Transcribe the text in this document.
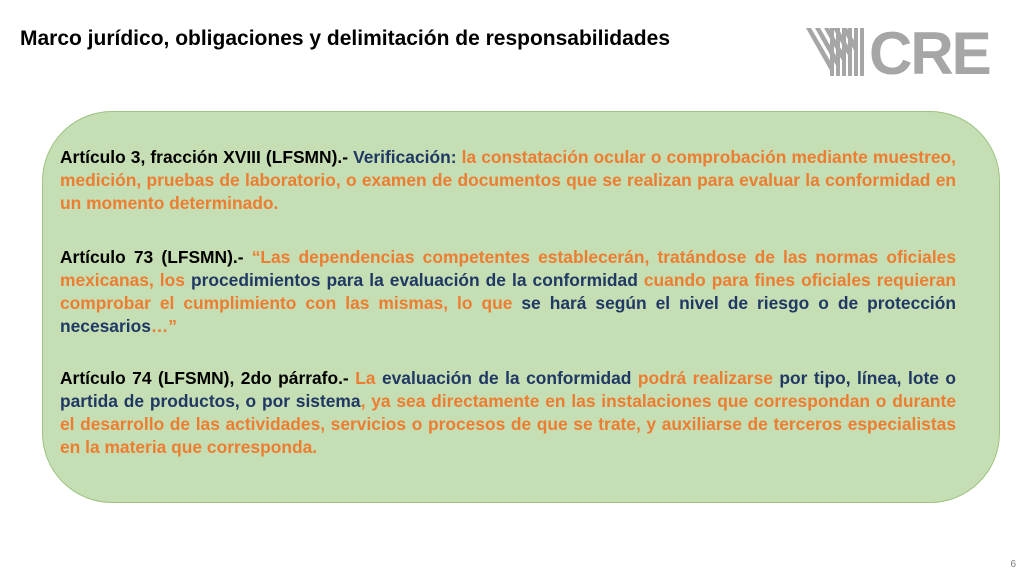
Marco jurídico, obligaciones y delimitación de responsabilidades	CRE
Artículo 3, fracción XVIII (LFSMN).- Verificación: la constatación ocular o comprobación mediante muestreo, medición, pruebas de laboratorio, o examen de documentos que se realizan para evaluar la conformidad en un momento determinado.
Artículo 73 (LFSMN).- “Las dependencias competentes establecerán, tratándose de las normas oficiales mexicanas, los procedimientos para la evaluación de la conformidad cuando para fines oficiales requieran comprobar el cumplimiento con las mismas, lo que se hará según el nivel de riesgo o de protección necesarios…”
Artículo 74 (LFSMN), 2do párrafo.- La evaluación de la conformidad podrá realizarse por tipo, línea, lote o partida de productos, o por sistema, ya sea directamente en las instalaciones que correspondan o durante el desarrollo de las actividades, servicios o procesos de que se trate, y auxiliarse de terceros especialistas en la materia que corresponda.
6
